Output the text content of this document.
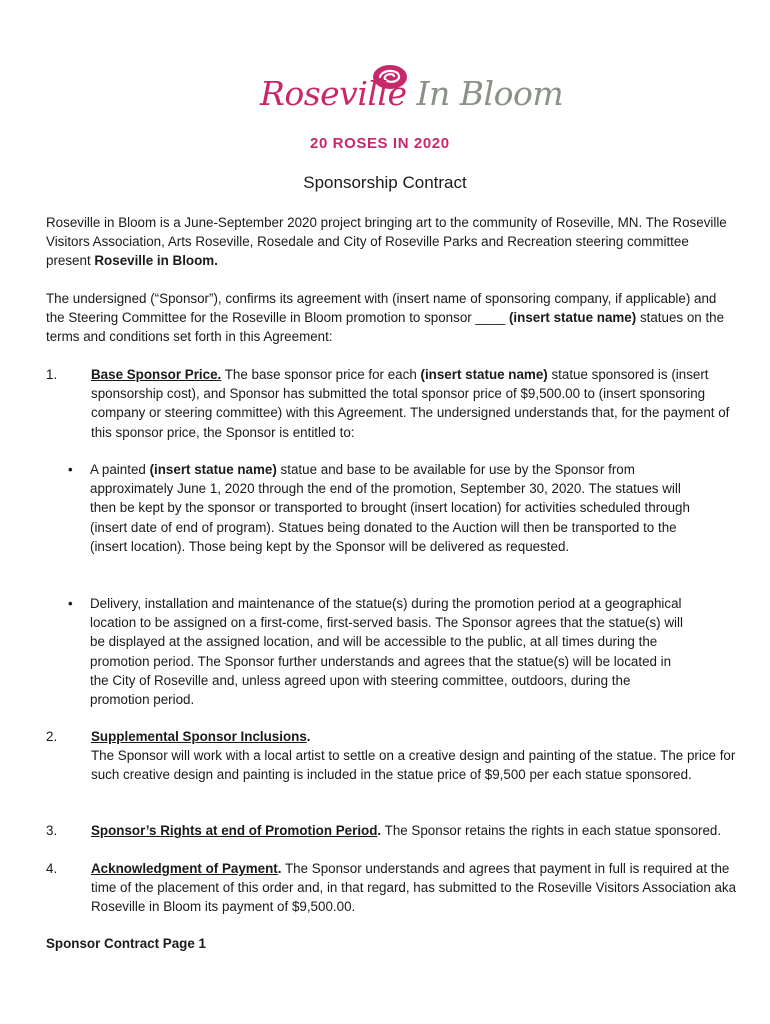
Roseville In Bloom
20 ROSES IN 2020
Sponsorship Contract

Roseville in Bloom is a June-September 2020 project bringing art to the community of Roseville, MN. The Roseville Visitors Association, Arts Roseville, Rosedale and City of Roseville Parks and Recreation steering committee present Roseville in Bloom.

The undersigned (“Sponsor”), confirms its agreement with (insert name of sponsoring company, if applicable) and the Steering Committee for the Roseville in Bloom promotion to sponsor ____ (insert statue name) statues on the terms and conditions set forth in this Agreement:

1.	Base Sponsor Price. The base sponsor price for each (insert statue name) statue sponsored is (insert sponsorship cost), and Sponsor has submitted the total sponsor price of $9,500.00 to (insert sponsoring company or steering committee) with this Agreement. The undersigned understands that, for the payment of this sponsor price, the Sponsor is entitled to:
• A painted (insert statue name) statue and base to be available for use by the Sponsor from approximately June 1, 2020 through the end of the promotion, September 30, 2020. The statues will then be kept by the sponsor or transported to brought (insert location) for activities scheduled through (insert date of end of program). Statues being donated to the Auction will then be transported to the (insert location). Those being kept by the Sponsor will be delivered as requested.
• Delivery, installation and maintenance of the statue(s) during the promotion period at a geographical location to be assigned on a first-come, first-served basis. The Sponsor agrees that the statue(s) will be displayed at the assigned location, and will be accessible to the public, at all times during the promotion period. The Sponsor further understands and agrees that the statue(s) will be located in the City of Roseville and, unless agreed upon with steering committee, outdoors, during the promotion period.
2.	Supplemental Sponsor Inclusions.
The Sponsor will work with a local artist to settle on a creative design and painting of the statue. The price for such creative design and painting is included in the statue price of $9,500 per each statue sponsored.
3.	Sponsor’s Rights at end of Promotion Period. The Sponsor retains the rights in each statue sponsored.
4.	Acknowledgment of Payment. The Sponsor understands and agrees that payment in full is required at the time of the placement of this order and, in that regard, has submitted to the Roseville Visitors Association aka Roseville in Bloom its payment of $9,500.00.
Sponsor Contract Page 1
